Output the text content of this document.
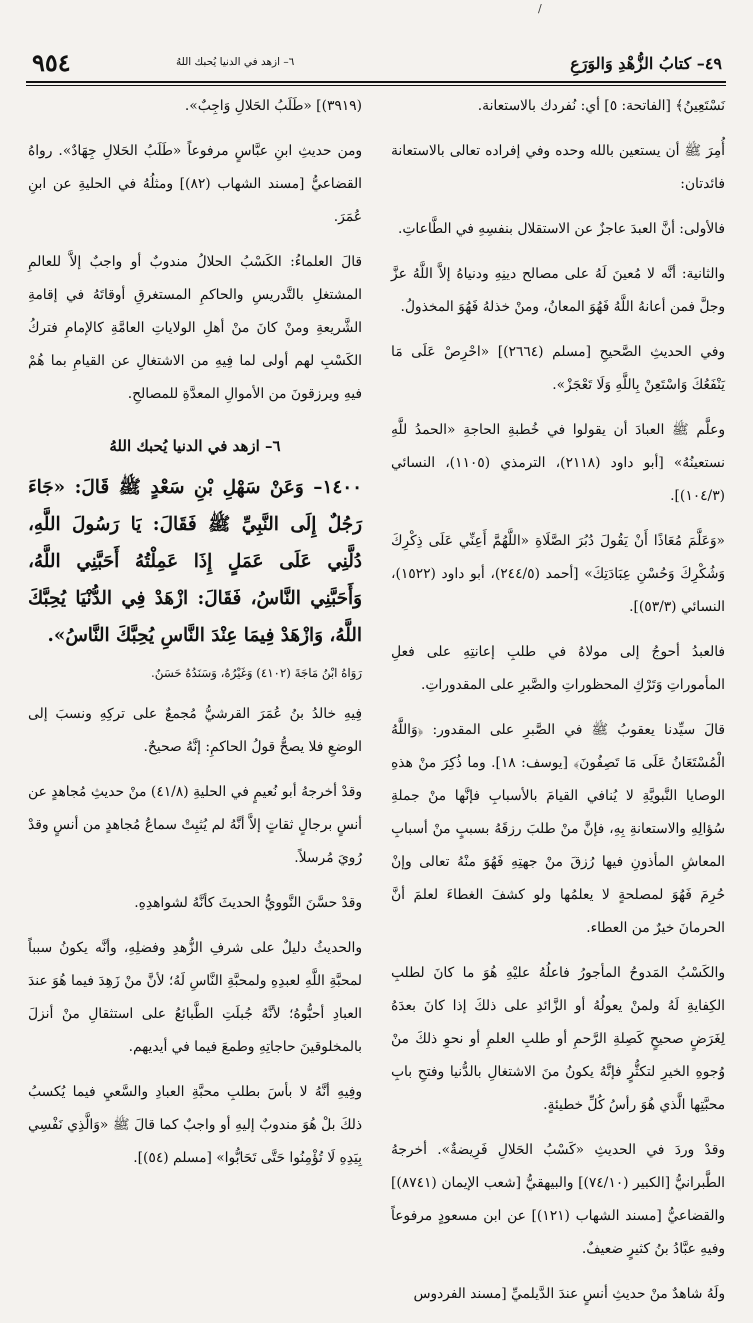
/
٤٩– كتابُ الزُّهْدِ وَالوَرَعِ
٦– ازهد في الدنيا يُحبك اللهُ
٩٥٤

نَسْتَعِينُ﴾ [الفاتحة: ٥] أي: نُفردك بالاستعانة.

أُمِرَ ﷺ أن يستعين بالله وحده وفي إفراده تعالى بالاستعانة فائدتان:

فالأولى: أنَّ العبدَ عاجزٌ عن الاستقلال بنفسِهِ في الطَّاعاتِ.

والثانية: أنَّه لا مُعينَ لَهُ على مصالح دينِهِ ودنياهُ إلاَّ اللَّهُ عزَّ وجلَّ فمن أعانهُ اللَّهُ فَهُوَ المعانُ، ومنْ خذلهُ فَهُوَ المخذولُ.

وفي الحديثِ الصَّحيحِ [مسلم (٢٦٦٤)] «احْرِصْ عَلَى مَا يَنْفَعُكَ وَاسْتَعِنْ بِاللَّهِ وَلَا تَعْجَزْ».

وعلَّم ﷺ العبادَ أن يقولوا في خُطبةِ الحاجةِ «الحمدُ للَّهِ نستعينُهُ» [أبو داود (٢١١٨)، الترمذي (١١٠٥)، النسائي (١٠٤/٣)].

«وَعَلَّمَ مُعَاذًا أَنْ يَقُولَ دُبُرَ الصَّلَاةِ «اللَّهُمَّ أَعِنِّي عَلَى ذِكْرِكَ وَشُكْرِكَ وَحُسْنِ عِبَادَتِكَ» [أحمد (٢٤٤/٥)، أبو داود (١٥٢٢)، النسائي (٥٣/٣)].

فالعبدُ أحوجُ إلى مولاهُ في طلبِ إعانتِهِ على فعلِ المأموراتِ وَتَرْكِ المحظوراتِ والصَّبرِ على المقدوراتِ.

قالَ سيِّدنا يعقوبُ ﷺ في الصَّبرِ على المقدور: ﴿وَاللَّهُ الْمُسْتَعَانُ عَلَى مَا تَصِفُونَ﴾ [يوسف: ١٨]. وما ذُكِرَ منْ هذهِ الوصايا النَّبويَّةِ لا يُنافي القيامَ بالأسبابِ فإنَّها منْ جملةِ سُؤالِهِ والاستعانةِ بِهِ، فإنَّ منْ طلبَ رزقَهُ بسببٍ منْ أسبابِ المعاشِ المأذونِ فيها رُزقَ منْ جهتِهِ فَهُوَ منْهُ تعالى وإنْ حُرِمَ فَهُوَ لمصلحةٍ لا يعلمُها ولو كشفَ الغطاءَ لعلمَ أنَّ الحرمانَ خيرٌ من العطاء.

والكَسْبُ المَدوحُ المأجورُ فاعلُهُ عليْهِ هُوَ ما كانَ لطلبِ الكِفايةِ لَهُ ولمنْ يعولُهُ أو الزَّائدِ على ذلكَ إذا كانَ بعدَهُ لِغَرَضٍ صحيحٍ كَصِلةِ الرَّحمِ أو طلبِ العلمِ أو نحوِ ذلكَ منْ وُجوهِ الخيرِ لتكثُّرٍ فإنَّهُ يكونُ منَ الاشتغالِ بالدُّنيا وفتحِ بابِ محبَّتِها الَّذي هُوَ رأسُ كُلِّ خطيئةٍ.

وقدْ وردَ في الحديثِ «كَسْبُ الحَلالِ فَرِيضةٌ». أخرجهُ الطَّبرانيُّ [الكبير (٧٤/١٠)] والبيهقيُّ [شعب الإيمان (٨٧٤١)] والقضاعيُّ [مسند الشهاب (١٢١)] عن ابن مسعودٍ مرفوعاً وفيهِ عبَّادُ بنُ كثيرٍ ضعيفٌ.

ولَهُ شاهدٌ منْ حديثِ أنسٍ عندَ الدَّيلميِّ [مسند الفردوس

(٣٩١٩)] «طَلَبُ الحَلالِ وَاجِبٌ».

ومن حديثِ ابنِ عبَّاسٍ مرفوعاً «طَلَبُ الحَلالِ جِهَادٌ». رواهُ القضاعيُّ [مسند الشهاب (٨٢)] ومثلُهُ في الحليةِ عن ابنِ عُمَرَ.

قالَ العلماءُ: الكَسْبُ الحلالُ مندوبٌ أو واجبٌ إلاَّ للعالمِ المشتغلِ بالتَّدريسِ والحاكمِ المستغرقِ أوقاتَهُ في إقامةِ الشَّريعةِ ومنْ كانَ منْ أهلِ الولاياتِ العامَّةِ كالإمامِ فتركُ الكَسْبِ لهم أولى لما فِيهِ من الاشتغالِ عن القيامِ بما هُمْ فيهِ ويرزقونَ من الأموالِ المعدَّةِ للمصالحِ.

٦– ازهد في الدنيا يُحبك اللهُ

١٤٠٠– وَعَنْ سَهْلِ بْنِ سَعْدٍ ﷺ قَالَ: «جَاءَ رَجُلٌ إِلَى النَّبِيِّ ﷺ فَقَالَ: يَا رَسُولَ اللَّهِ، دُلَّنِي عَلَى عَمَلٍ إِذَا عَمِلْتُهُ أَحَبَّنِي اللَّهُ، وَأَحَبَّنِي النَّاسُ، فَقَالَ: ازْهَدْ فِي الدُّنْيَا يُحِبَّكَ اللَّهُ، وَازْهَدْ فِيمَا عِنْدَ النَّاسِ يُحِبَّكَ النَّاسُ».

رَوَاهُ ابْنُ مَاجَةَ (٤١٠٢) وَغَيْرُهُ، وَسَنَدُهُ حَسَنٌ.

فِيهِ خالدُ بنُ عُمَرَ القرشيُّ مُجمعٌ على تركِهِ ونسبَ إلى الوضعِ فلا يصحُّ قولُ الحاكمِ: إنَّهُ صحيحٌ.

وقدْ أخرجهُ أبو نُعيمٍ في الحليةِ (٤١/٨) منْ حديثِ مُجاهدٍ عن أنسٍ برجالٍ ثقاتٍ إلاَّ أنَّهُ لم يُثبِتْ سماعُ مُجاهدٍ من أنسٍ وقدْ رُويَ مُرسلاً.

وقدْ حسَّنَ النَّوويُّ الحديثَ كأنَّهُ لشواهدِهِ.

والحديثُ دليلٌ على شرفِ الزُّهدِ وفضلِهِ، وأنَّه يكونُ سبباً لمحبَّةِ اللَّهِ لعبدِهِ ولمحبَّةِ النَّاسِ لَهُ؛ لأنَّ منْ زَهِدَ فيما هُوَ عندَ العبادِ أحبُّوهُ؛ لأنَّهُ جُبلَتِ الطَّبائعُ على استثقالِ منْ أنزلَ بالمخلوقينَ حاجاتِهِ وطمعَ فيما في أيديهم.

وفِيهِ أنَّهُ لا بأسَ بطلبِ محبَّةِ العبادِ والسَّعيِ فيما يُكسبُ ذلكَ بلْ هُوَ مندوبٌ إليهِ أو واجبٌ كما قالَ ﷺ «وَالَّذِي نَفْسِي بِيَدِهِ لَا تُؤْمِنُوا حَتَّى تَحَابُّوا» [مسلم (٥٤)].
